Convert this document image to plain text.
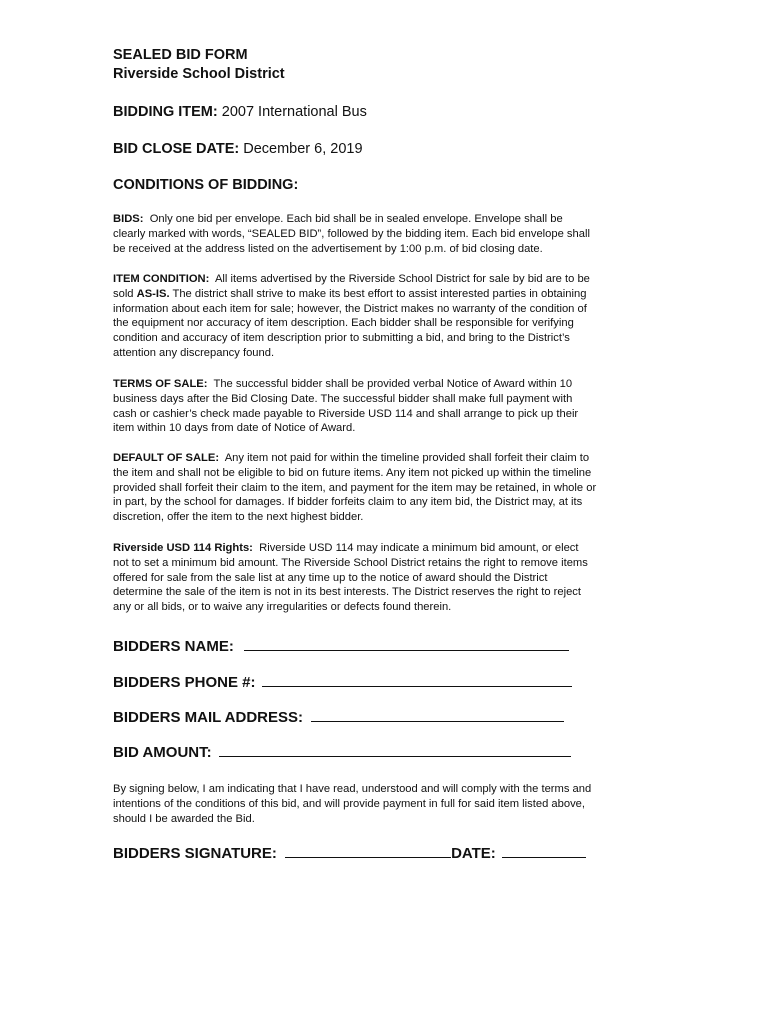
SEALED BID FORM
Riverside School District
BIDDING ITEM: 2007 International Bus
BID CLOSE DATE: December 6, 2019
CONDITIONS OF BIDDING:

BIDS: Only one bid per envelope. Each bid shall be in sealed envelope. Envelope shall be

clearly marked with words, “SEALED BID”, followed by the bidding item. Each bid envelope shall

be received at the address listed on the advertisement by 1:00 p.m. of bid closing date.

ITEM CONDITION: All items advertised by the Riverside School District for sale by bid are to be

sold AS-IS. The district shall strive to make its best effort to assist interested parties in obtaining

information about each item for sale; however, the District makes no warranty of the condition of

the equipment nor accuracy of item description. Each bidder shall be responsible for verifying

condition and accuracy of item description prior to submitting a bid, and bring to the District’s

attention any discrepancy found.

TERMS OF SALE: The successful bidder shall be provided verbal Notice of Award within 10

business days after the Bid Closing Date. The successful bidder shall make full payment with

cash or cashier’s check made payable to Riverside USD 114 and shall arrange to pick up their

item within 10 days from date of Notice of Award.

DEFAULT OF SALE: Any item not paid for within the timeline provided shall forfeit their claim to

the item and shall not be eligible to bid on future items. Any item not picked up within the timeline

provided shall forfeit their claim to the item, and payment for the item may be retained, in whole or

in part, by the school for damages. If bidder forfeits claim to any item bid, the District may, at its

discretion, offer the item to the next highest bidder.

Riverside USD 114 Rights: Riverside USD 114 may indicate a minimum bid amount, or elect

not to set a minimum bid amount. The Riverside School District retains the right to remove items

offered for sale from the sale list at any time up to the notice of award should the District

determine the sale of the item is not in its best interests. The District reserves the right to reject

any or all bids, or to waive any irregularities or defects found therein.

BIDDERS NAME:
BIDDERS PHONE #:
BIDDERS MAIL ADDRESS:
BID AMOUNT:

By signing below, I am indicating that I have read, understood and will comply with the terms and

intentions of the conditions of this bid, and will provide payment in full for said item listed above,

should I be awarded the Bid.

BIDDERS SIGNATURE:	DATE:
